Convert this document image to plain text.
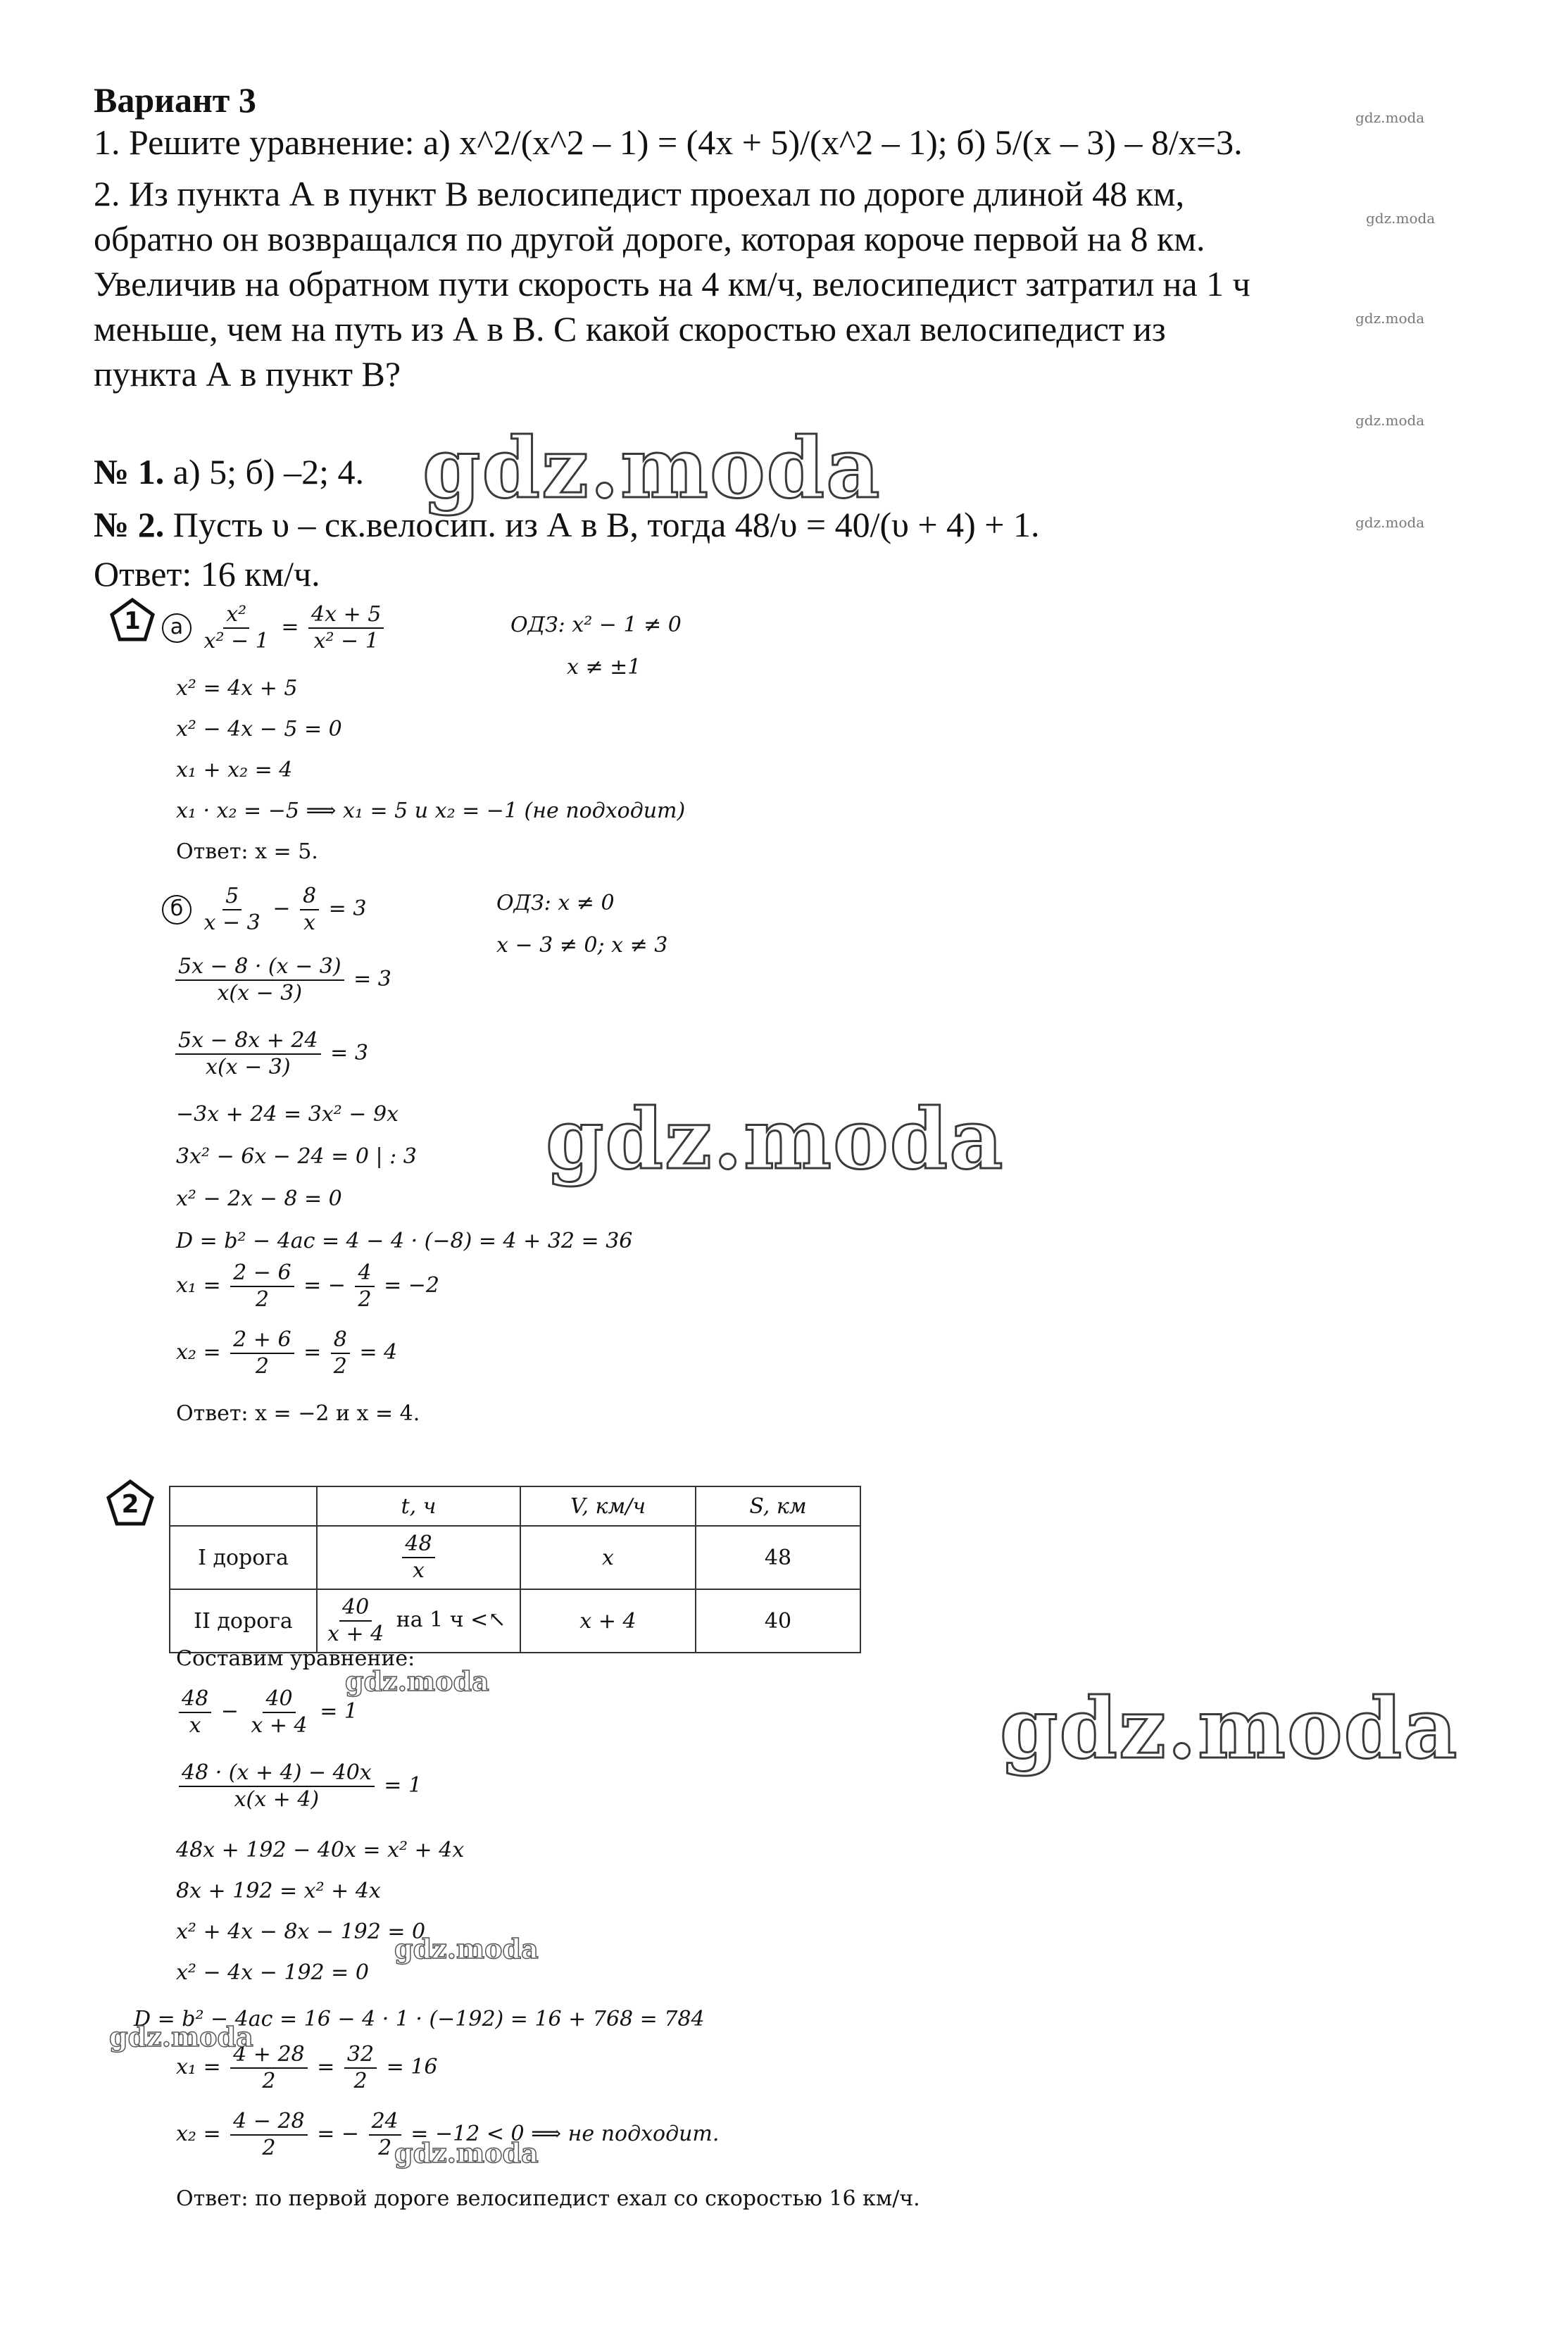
Вариант 3
1. Решите уравнение: а) x^2/(x^2 – 1) = (4x + 5)/(x^2 – 1); б) 5/(x – 3) – 8/x=3.
2. Из пункта А в пункт В велосипедист проехал по дороге длиной 48 км,
обратно он возвращался по другой дороге, которая короче первой на 8 км.
Увеличив на обратном пути скорость на 4 км/ч, велосипедист затратил на 1 ч
меньше, чем на путь из А в В. С какой скоростью ехал велосипедист из
пункта А в пункт В?
№ 1. а) 5; б) –2; 4.
№ 2. Пусть υ – ск.велосип. из А в В, тогда 48/υ = 40/(υ + 4) + 1.
Ответ: 16 км/ч.
1	а $\frac{\text{x²}}{\text{x² − 1}} = \frac{4x + 5}{\text{x² − 1}}$	ОДЗ: x² − 1 ≠ 0
x ≠ ±1
x² = 4x + 5
x² − 4x − 5 = 0
x₁ + x₂ = 4
x₁ · x₂ = −5 ⟹ x₁ = 5 и x₂ = −1 (не подходит)
Ответ: x = 5.
б $\frac{5}{x - 3} - \frac{8}{x} = 3$	ОДЗ: x ≠ 0
x − 3 ≠ 0; x ≠ 3
$\frac{5x - 8 \cdot (x - 3)}{x(x - 3)} = 3$
$\frac{5x - 8x + 24}{x(x - 3)} = 3$
−3x + 24 = 3x² − 9x
3x² − 6x − 24 = 0 | : 3
x² − 2x − 8 = 0
D = b² − 4ac = 4 − 4 · (−8) = 4 + 32 = 36
$x_1 = \frac{2 - 6}{2}$ = − $\frac{4}{2} = -2$
$x_2 = \frac{2 + 6}{2} = \frac{8}{2} = 4$
Ответ: x = −2 и x = 4.
2
		t, ч	V, км/ч	S, км
I дорога	$\frac{48}{x}$	x	48
II дорога	$\frac{40}{x + 4}$ на 1 ч <↖	x + 4	40
Составим уравнение:
$\frac{48}{x} - \frac{40}{x + 4} = 1$
$\frac{48 \cdot (x + 4) - 40x}{x(x + 4)} = 1$
48x + 192 − 40x = x² + 4x
8x + 192 = x² + 4x
x² + 4x − 8x − 192 = 0
x² − 4x − 192 = 0
D = b² − 4ac = 16 − 4 · 1 · (−192) = 16 + 768 = 784
$x_1 = \frac{4 + 28}{2} = \frac{32}{2} = 16$
$x_2 = \frac{4 - 28}{2}$ = − $\frac{24}{2} = -12 < 0$ ⟹ не подходит.
Ответ: по первой дороге велосипедист ехал со скоростью 16 км/ч.
gdz.moda
gdz.moda
gdz.moda
gdz.moda
gdz.moda
gdz.moda
gdz.moda
gdz.moda
gdz.moda
gdz.moda
gdz.moda
gdz.moda
